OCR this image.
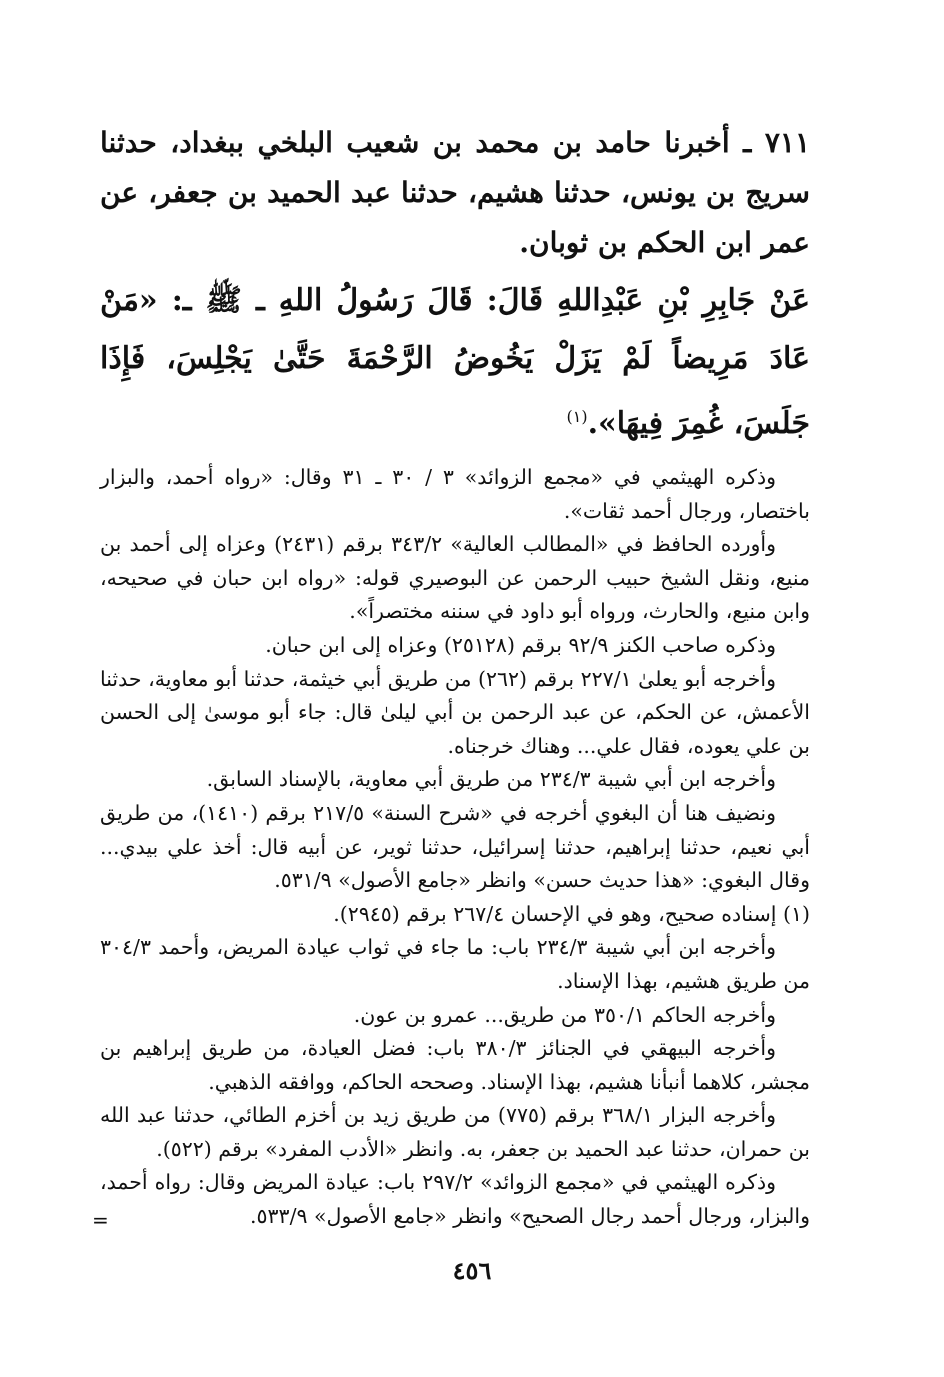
٧١١ ـ أخبرنا حامد بن محمد بن شعيب البلخي ببغداد، حدثنا سريج بن يونس، حدثنا هشيم، حدثنا عبد الحميد بن جعفر، عن عمر ابن الحكم بن ثوبان.
عَنْ جَابِرِ بْنِ عَبْدِاللهِ قَالَ: قَالَ رَسُولُ اللهِ ـ ﷺ ـ: «مَنْ عَادَ مَرِيضاً لَمْ يَزَلْ يَخُوضُ الرَّحْمَةَ حَتَّىٰ يَجْلِسَ، فَإِذَا جَلَسَ، غُمِرَ فِيهَا».$^{(١)}$

وذكره الهيثمي في «مجمع الزوائد» ٣ / ٣٠ ـ ٣١ وقال: «رواه أحمد، والبزار باختصار، ورجال أحمد ثقات».

وأورده الحافظ في «المطالب العالية» ٣٤٣/٢ برقم (٢٤٣١) وعزاه إلى أحمد بن منيع، ونقل الشيخ حبيب الرحمن عن البوصيري قوله: «رواه ابن حبان في صحيحه، وابن منيع، والحارث، ورواه أبو داود في سننه مختصراً».

وذكره صاحب الكنز ٩٢/٩ برقم (٢٥١٢٨) وعزاه إلى ابن حبان.

وأخرجه أبو يعلىٰ ٢٢٧/١ برقم (٢٦٢) من طريق أبي خيثمة، حدثنا أبو معاوية، حدثنا الأعمش، عن الحكم، عن عبد الرحمن بن أبي ليلىٰ قال: جاء أبو موسىٰ إلى الحسن بن علي يعوده، فقال علي... وهناك خرجناه.

وأخرجه ابن أبي شيبة ٢٣٤/٣ من طريق أبي معاوية، بالإسناد السابق.

ونضيف هنا أن البغوي أخرجه في «شرح السنة» ٢١٧/٥ برقم (١٤١٠)، من طريق أبي نعيم، حدثنا إبراهيم، حدثنا إسرائيل، حدثنا ثوير، عن أبيه قال: أخذ علي بيدي... وقال البغوي: «هذا حديث حسن» وانظر «جامع الأصول» ٥٣١/٩.

(١) إسناده صحيح، وهو في الإحسان ٢٦٧/٤ برقم (٢٩٤٥).

وأخرجه ابن أبي شيبة ٢٣٤/٣ باب: ما جاء في ثواب عيادة المريض، وأحمد ٣٠٤/٣ من طريق هشيم، بهذا الإسناد.

وأخرجه الحاكم ٣٥٠/١ من طريق... عمرو بن عون.

وأخرجه البيهقي في الجنائز ٣٨٠/٣ باب: فضل العيادة، من طريق إبراهيم بن مجشر، كلاهما أنبأنا هشيم، بهذا الإسناد. وصححه الحاكم، ووافقه الذهبي.

وأخرجه البزار ٣٦٨/١ برقم (٧٧٥) من طريق زيد بن أخزم الطائي، حدثنا عبد الله بن حمران، حدثنا عبد الحميد بن جعفر، به. وانظر «الأدب المفرد» برقم (٥٢٢).

وذكره الهيثمي في «مجمع الزوائد» ٢٩٧/٢ باب: عيادة المريض وقال: رواه أحمد، والبزار، ورجال أحمد رجال الصحيح» وانظر «جامع الأصول» ٥٣٣/٩.

=
٤٥٦
